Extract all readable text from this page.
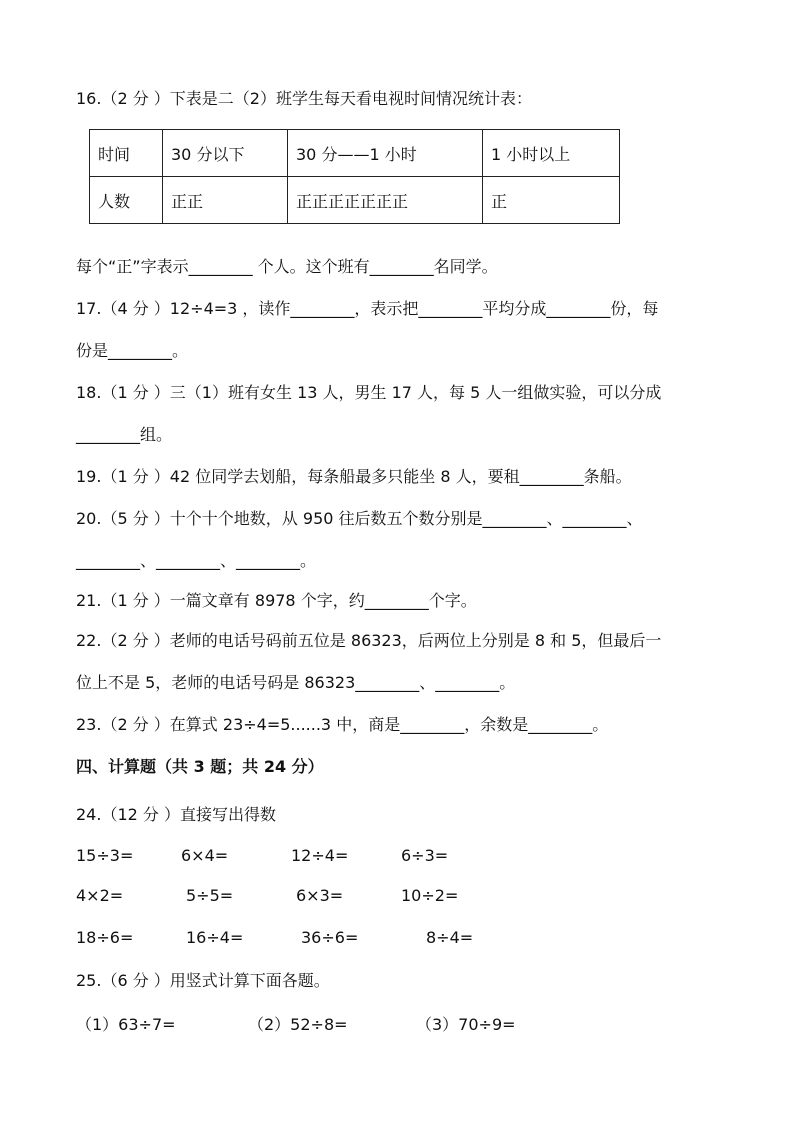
16.（2 分 ）下表是二（2）班学生每天看电视时间情况统计表：
时间	30 分以下	30 分——1 小时	1 小时以上
人数	正正	正正正正正正正	正
每个“正”字表示________ 个人。这个班有________名同学。
17.（4 分 ）12÷4=3 ，读作________，表示把________平均分成________份，每
份是________。
18.（1 分 ）三（1）班有女生 13 人，男生 17 人，每 5 人一组做实验，可以分成
________组。
19.（1 分 ）42 位同学去划船，每条船最多只能坐 8 人，要租________条船。
20.（5 分 ）十个十个地数，从 950 往后数五个数分别是________、________、
________、________、________。
21.（1 分 ）一篇文章有 8978 个字，约________个字。
22.（2 分 ）老师的电话号码前五位是 86323，后两位上分别是 8 和 5，但最后一
位上不是 5，老师的电话号码是 86323________、________。
23.（2 分 ）在算式 23÷4=5......3 中，商是________，余数是________。
四、计算题（共 3 题；共 24 分）
24.（12 分 ）直接写出得数
15÷3=	6×4=	12÷4=	6÷3=
4×2=	5÷5=	6×3=	10÷2=
18÷6=	16÷4=	36÷6=	8÷4=
25.（6 分 ）用竖式计算下面各题。
（1）63÷7=	（2）52÷8=	（3）70÷9=
